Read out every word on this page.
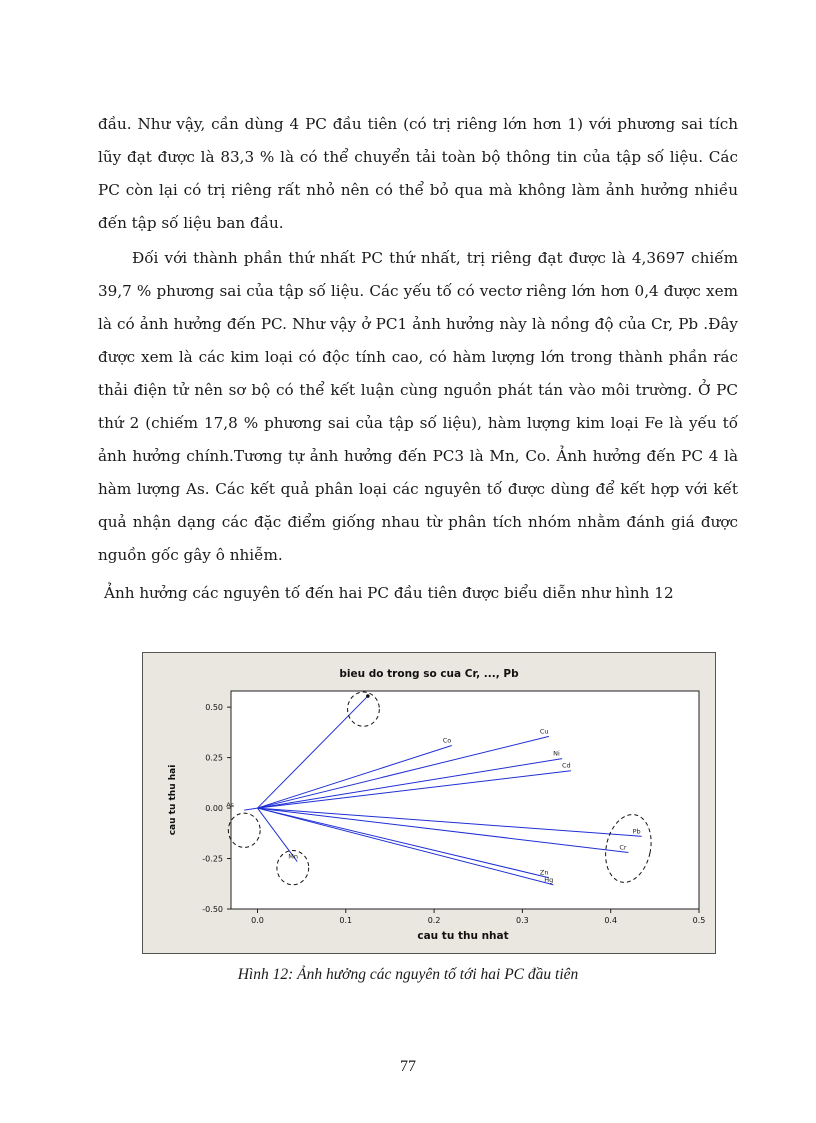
đầu. Như vậy, cần dùng 4 PC đầu tiên (có trị riêng lớn hơn 1) với phương sai tích lũy đạt được là 83,3 % là có thể chuyển tải toàn bộ thông tin của tập số liệu. Các PC còn lại có trị riêng rất nhỏ nên có thể bỏ qua mà không làm ảnh hưởng nhiều đến tập số liệu ban đầu.

Đối với thành phần thứ nhất PC thứ nhất, trị riêng đạt được là 4,3697 chiếm 39,7 % phương sai của tập số liệu. Các yếu tố có vectơ riêng lớn hơn 0,4 được xem là có ảnh hưởng đến PC. Như vậy ở PC1 ảnh hưởng này là nồng độ của Cr, Pb .Đây được xem là các kim loại có độc tính cao, có hàm lượng lớn trong thành phần rác thải điện tử nên sơ bộ có thể kết luận cùng nguồn phát tán vào môi trường. Ở PC thứ 2 (chiếm 17,8 % phương sai của tập số liệu), hàm lượng kim loại Fe là yếu tố ảnh hưởng chính.Tương tự ảnh hưởng đến PC3 là Mn, Co. Ảnh hưởng đến PC 4 là hàm lượng As. Các kết quả phân loại các nguyên tố được dùng để kết hợp với kết quả nhận dạng các đặc điểm giống nhau từ phân tích nhóm nhằm đánh giá được nguồn gốc gây ô nhiễm.

Ảnh hưởng các nguyên tố đến hai PC đầu tiên được biểu diễn như hình 12

bieu do trong so cua Cr, ..., Pb
Co
Cu
Ni
Cd
Pb
Cr
Zn
Hg
As
Mn
0.0	0.1	0.2	0.3	0.4	0.5
0.50
0.25
0.00
-0.25
-0.50
cau tu thu nhat
cau tu thu hai
Hình 12: Ảnh hưởng các nguyên tố tới hai PC đầu tiên
77
